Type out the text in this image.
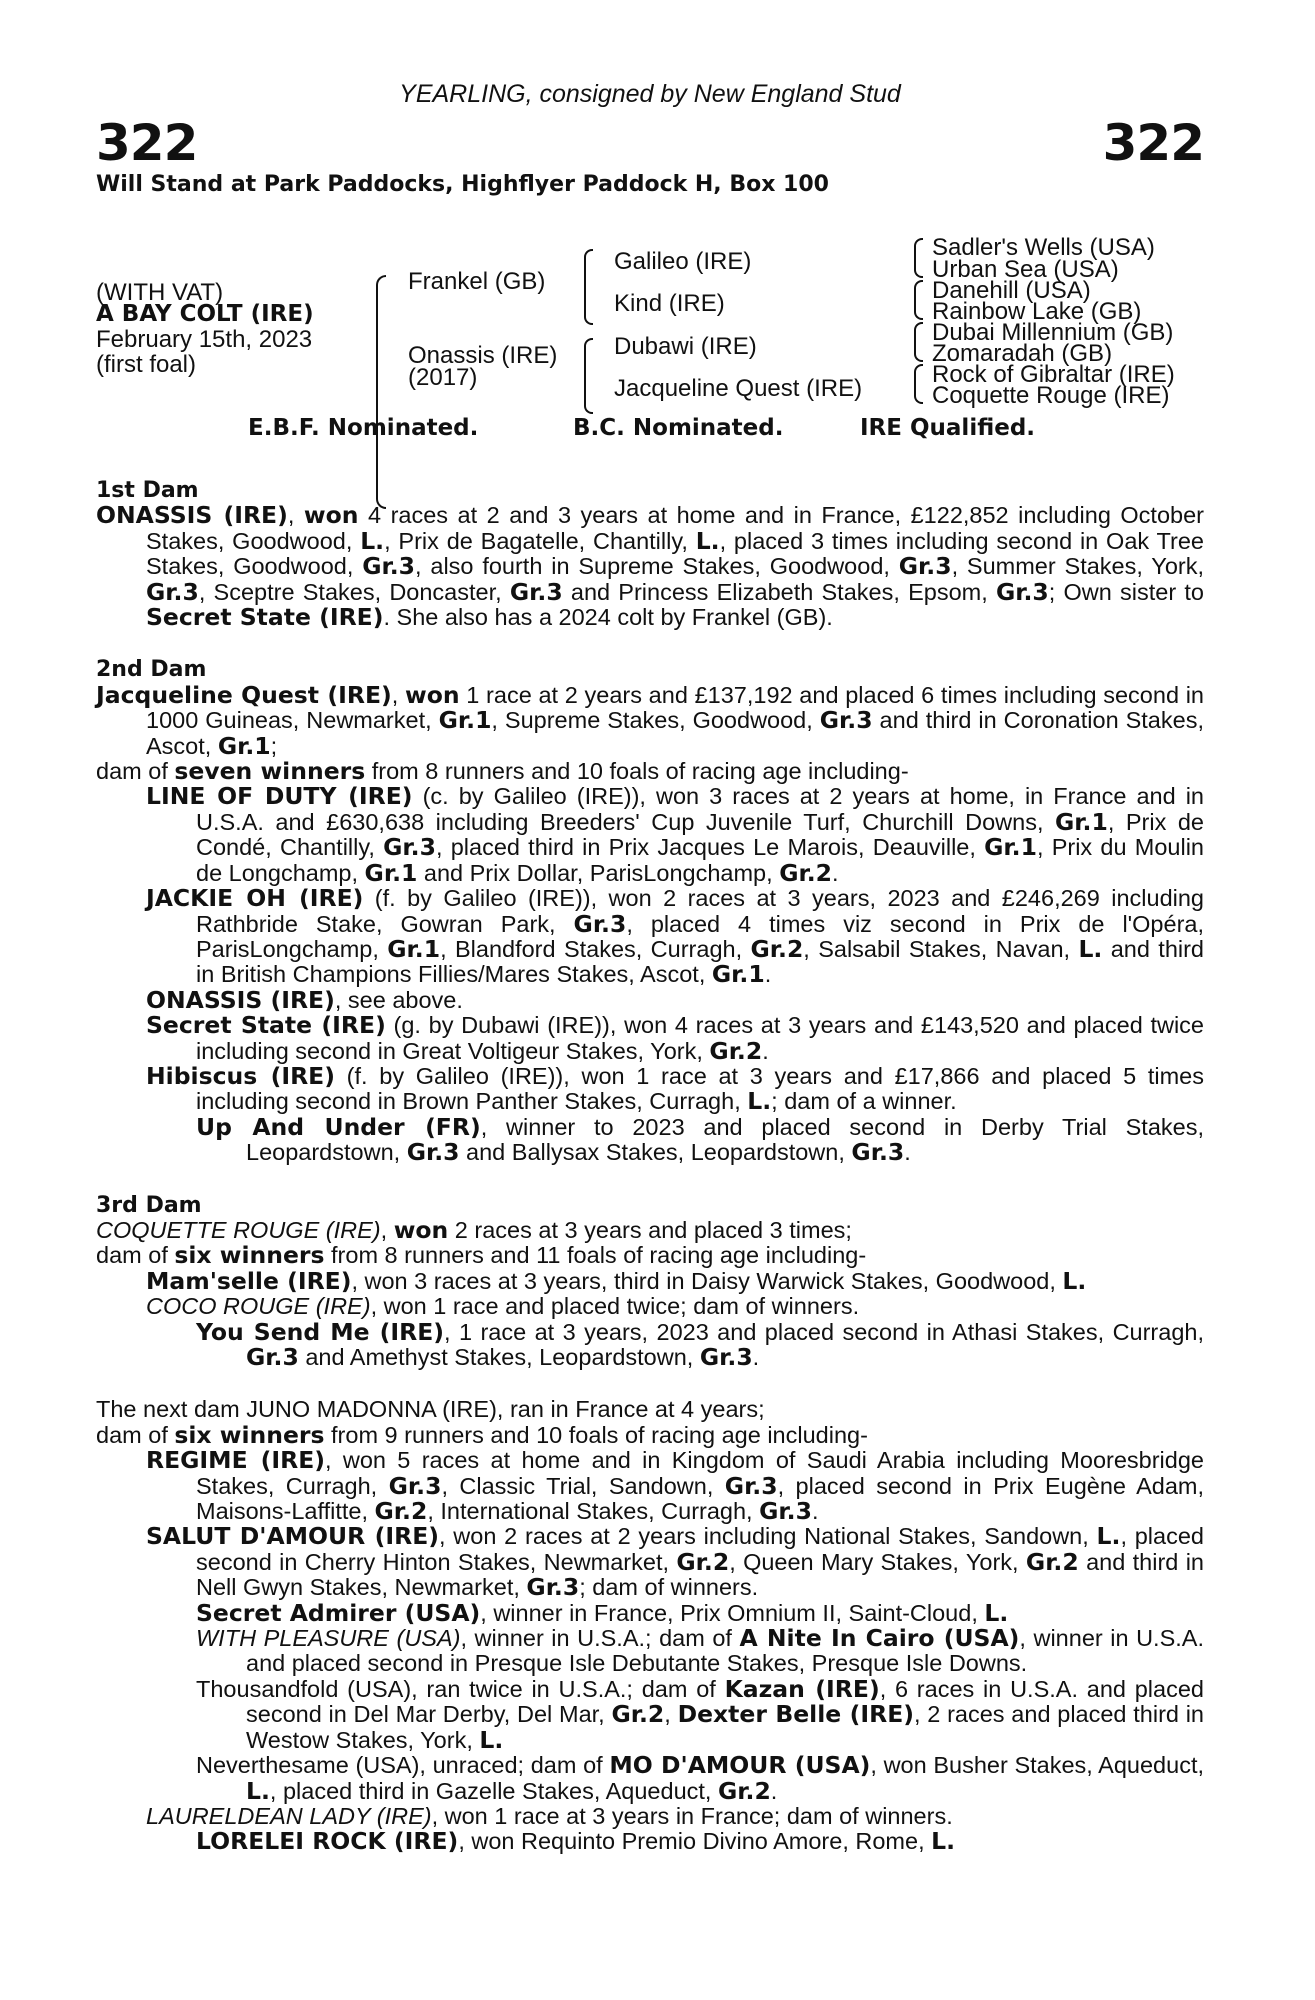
YEARLING, consigned by New England Stud
322	322
Will Stand at Park Paddocks, Highflyer Paddock H, Box 100
(WITH VAT)
A BAY COLT (IRE)
February 15th, 2023
(first foal)
Frankel (GB)
Onassis (IRE)
(2017)
Galileo (IRE)
Kind (IRE)
Dubawi (IRE)
Jacqueline Quest (IRE)
Sadler's Wells (USA)
Urban Sea (USA)
Danehill (USA)
Rainbow Lake (GB)
Dubai Millennium (GB)
Zomaradah (GB)
Rock of Gibraltar (IRE)
Coquette Rouge (IRE)
E.B.F. Nominated.	B.C. Nominated.	IRE Qualified.

1st Dam

ONASSIS (IRE), won 4 races at 2 and 3 years at home and in France, £122,852 including October Stakes, Goodwood, L., Prix de Bagatelle, Chantilly, L., placed 3 times including second in Oak Tree Stakes, Goodwood, Gr.3, also fourth in Supreme Stakes, Goodwood, Gr.3, Summer Stakes, York, Gr.3, Sceptre Stakes, Doncaster, Gr.3 and Princess Elizabeth Stakes, Epsom, Gr.3; Own sister to Secret State (IRE). She also has a 2024 colt by Frankel (GB).

2nd Dam

Jacqueline Quest (IRE), won 1 race at 2 years and £137,192 and placed 6 times including second in 1000 Guineas, Newmarket, Gr.1, Supreme Stakes, Goodwood, Gr.3 and third in Coronation Stakes, Ascot, Gr.1;

dam of seven winners from 8 runners and 10 foals of racing age including-

LINE OF DUTY (IRE) (c. by Galileo (IRE)), won 3 races at 2 years at home, in France and in U.S.A. and £630,638 including Breeders' Cup Juvenile Turf, Churchill Downs, Gr.1, Prix de Condé, Chantilly, Gr.3, placed third in Prix Jacques Le Marois, Deauville, Gr.1, Prix du Moulin de Longchamp, Gr.1 and Prix Dollar, ParisLongchamp, Gr.2.

JACKIE OH (IRE) (f. by Galileo (IRE)), won 2 races at 3 years, 2023 and £246,269 including Rathbride Stake, Gowran Park, Gr.3, placed 4 times viz second in Prix de l'Opéra, ParisLongchamp, Gr.1, Blandford Stakes, Curragh, Gr.2, Salsabil Stakes, Navan, L. and third in British Champions Fillies/Mares Stakes, Ascot, Gr.1.

ONASSIS (IRE), see above.

Secret State (IRE) (g. by Dubawi (IRE)), won 4 races at 3 years and £143,520 and placed twice including second in Great Voltigeur Stakes, York, Gr.2.

Hibiscus (IRE) (f. by Galileo (IRE)), won 1 race at 3 years and £17,866 and placed 5 times including second in Brown Panther Stakes, Curragh, L.; dam of a winner.

Up And Under (FR), winner to 2023 and placed second in Derby Trial Stakes, Leopardstown, Gr.3 and Ballysax Stakes, Leopardstown, Gr.3.

3rd Dam

COQUETTE ROUGE (IRE), won 2 races at 3 years and placed 3 times;

dam of six winners from 8 runners and 11 foals of racing age including-

Mam'selle (IRE), won 3 races at 3 years, third in Daisy Warwick Stakes, Goodwood, L.

COCO ROUGE (IRE), won 1 race and placed twice; dam of winners.

You Send Me (IRE), 1 race at 3 years, 2023 and placed second in Athasi Stakes, Curragh, Gr.3 and Amethyst Stakes, Leopardstown, Gr.3.

The next dam JUNO MADONNA (IRE), ran in France at 4 years;

dam of six winners from 9 runners and 10 foals of racing age including-

REGIME (IRE), won 5 races at home and in Kingdom of Saudi Arabia including Mooresbridge Stakes, Curragh, Gr.3, Classic Trial, Sandown, Gr.3, placed second in Prix Eugène Adam, Maisons-Laffitte, Gr.2, International Stakes, Curragh, Gr.3.

SALUT D'AMOUR (IRE), won 2 races at 2 years including National Stakes, Sandown, L., placed second in Cherry Hinton Stakes, Newmarket, Gr.2, Queen Mary Stakes, York, Gr.2 and third in Nell Gwyn Stakes, Newmarket, Gr.3; dam of winners.

Secret Admirer (USA), winner in France, Prix Omnium II, Saint-Cloud, L.

WITH PLEASURE (USA), winner in U.S.A.; dam of A Nite In Cairo (USA), winner in U.S.A. and placed second in Presque Isle Debutante Stakes, Presque Isle Downs.

Thousandfold (USA), ran twice in U.S.A.; dam of Kazan (IRE), 6 races in U.S.A. and placed second in Del Mar Derby, Del Mar, Gr.2, Dexter Belle (IRE), 2 races and placed third in Westow Stakes, York, L.

Neverthesame (USA), unraced; dam of MO D'AMOUR (USA), won Busher Stakes, Aqueduct, L., placed third in Gazelle Stakes, Aqueduct, Gr.2.

LAURELDEAN LADY (IRE), won 1 race at 3 years in France; dam of winners.

LORELEI ROCK (IRE), won Requinto Premio Divino Amore, Rome, L.
